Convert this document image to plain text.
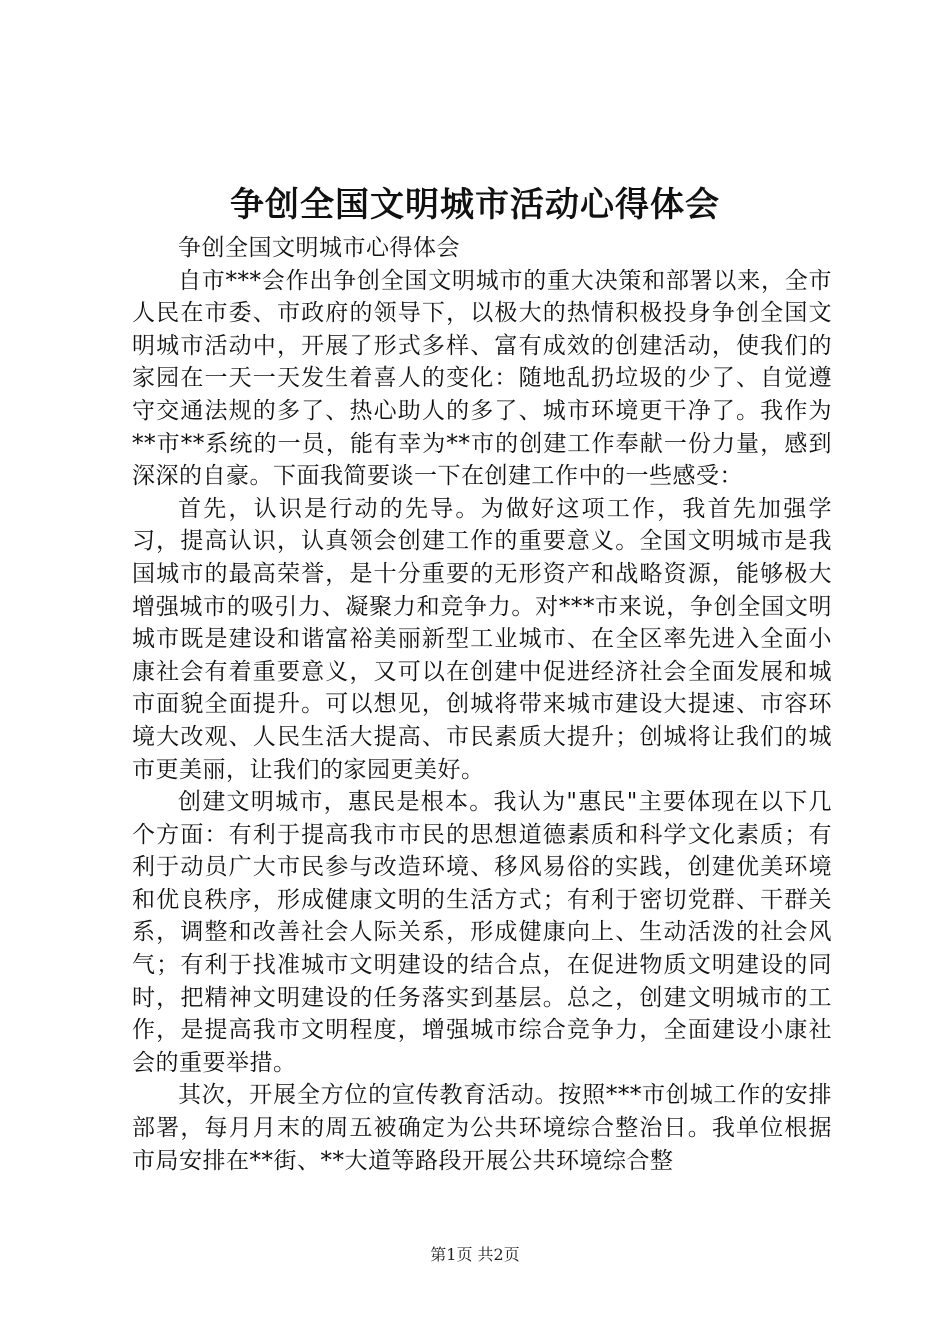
争创全国文明城市活动心得体会

争创全国文明城市心得体会

自市***会作出争创全国文明城市的重大决策和部署以来，全市人民在市委、市政府的领导下，以极大的热情积极投身争创全国文明城市活动中，开展了形式多样、富有成效的创建活动，使我们的家园在一天一天发生着喜人的变化：随地乱扔垃圾的少了、自觉遵守交通法规的多了、热心助人的多了、城市环境更干净了。我作为**市**系统的一员，能有幸为**市的创建工作奉献一份力量，感到深深的自豪。下面我简要谈一下在创建工作中的一些感受：

首先，认识是行动的先导。为做好这项工作，我首先加强学习，提高认识，认真领会创建工作的重要意义。全国文明城市是我国城市的最高荣誉，是十分重要的无形资产和战略资源，能够极大增强城市的吸引力、凝聚力和竞争力。对***市来说，争创全国文明城市既是建设和谐富裕美丽新型工业城市、在全区率先进入全面小康社会有着重要意义，又可以在创建中促进经济社会全面发展和城市面貌全面提升。可以想见，创城将带来城市建设大提速、市容环境大改观、人民生活大提高、市民素质大提升；创城将让我们的城市更美丽，让我们的家园更美好。

创建文明城市，惠民是根本。我认为"惠民"主要体现在以下几个方面：有利于提高我市市民的思想道德素质和科学文化素质；有利于动员广大市民参与改造环境、移风易俗的实践，创建优美环境和优良秩序，形成健康文明的生活方式；有利于密切党群、干群关系，调整和改善社会人际关系，形成健康向上、生动活泼的社会风气；有利于找准城市文明建设的结合点，在促进物质文明建设的同时，把精神文明建设的任务落实到基层。总之，创建文明城市的工作，是提高我市文明程度，增强城市综合竞争力，全面建设小康社会的重要举措。

其次，开展全方位的宣传教育活动。按照***市创城工作的安排部署，每月月末的周五被确定为公共环境综合整治日。我单位根据市局安排在**街、**大道等路段开展公共环境综合整

第1页 共2页
